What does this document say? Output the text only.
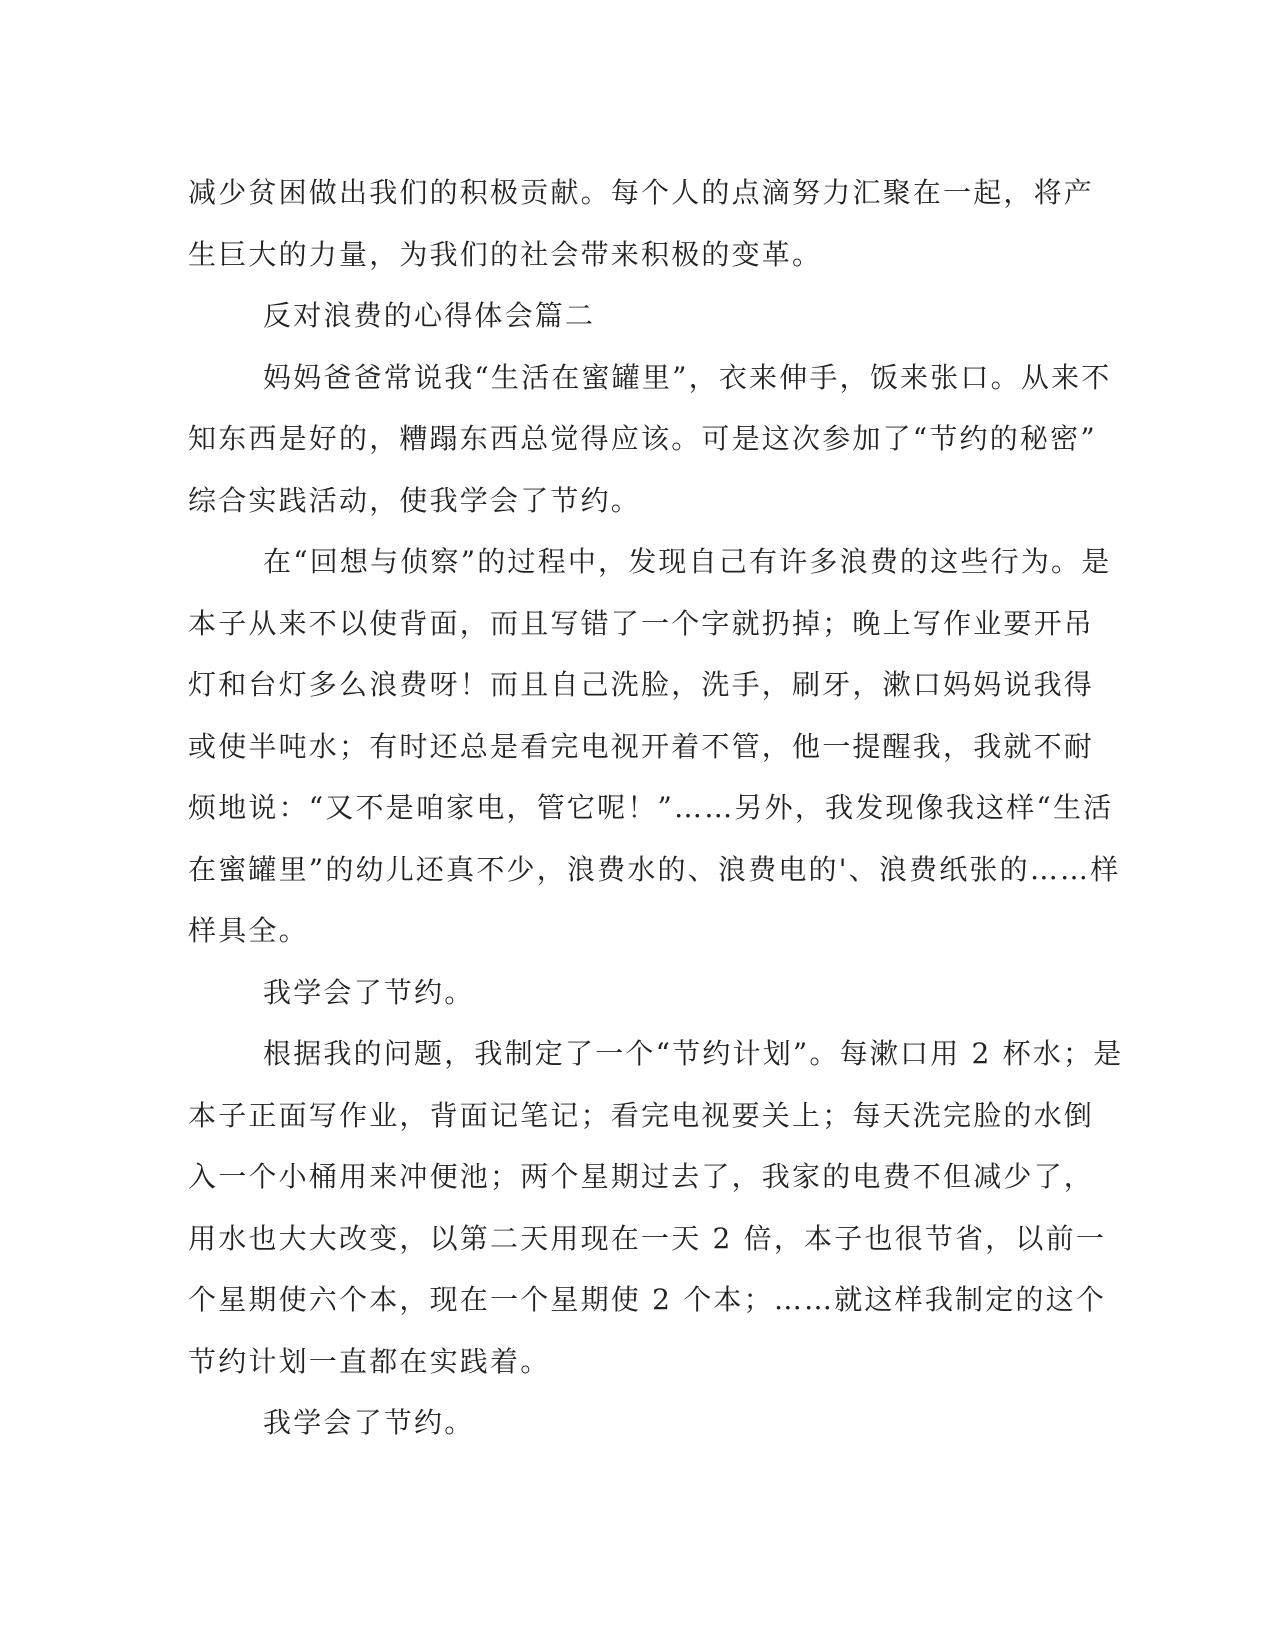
减少贫困做出我们的积极贡献。每个人的点滴努力汇聚在一起，将产
生巨大的力量，为我们的社会带来积极的变革。

反对浪费的心得体会篇二

妈妈爸爸常说我“生活在蜜罐里”，衣来伸手，饭来张口。从来不
知东西是好的，糟蹋东西总觉得应该。可是这次参加了“节约的秘密”
综合实践活动，使我学会了节约。

在“回想与侦察”的过程中，发现自己有许多浪费的这些行为。是
本子从来不以使背面，而且写错了一个字就扔掉；晚上写作业要开吊
灯和台灯多么浪费呀！而且自己洗脸，洗手，刷牙，漱口妈妈说我得
或使半吨水；有时还总是看完电视开着不管，他一提醒我，我就不耐
烦地说：“又不是咱家电，管它呢！”……另外，我发现像我这样“生活
在蜜罐里”的幼儿还真不少，浪费水的、浪费电的'、浪费纸张的……样
样具全。

我学会了节约。

根据我的问题，我制定了一个“节约计划”。每漱口用 2 杯水；是
本子正面写作业，背面记笔记；看完电视要关上；每天洗完脸的水倒
入一个小桶用来冲便池；两个星期过去了，我家的电费不但减少了，
用水也大大改变，以第二天用现在一天 2 倍，本子也很节省，以前一
个星期使六个本，现在一个星期使 2 个本；……就这样我制定的这个
节约计划一直都在实践着。

我学会了节约。
